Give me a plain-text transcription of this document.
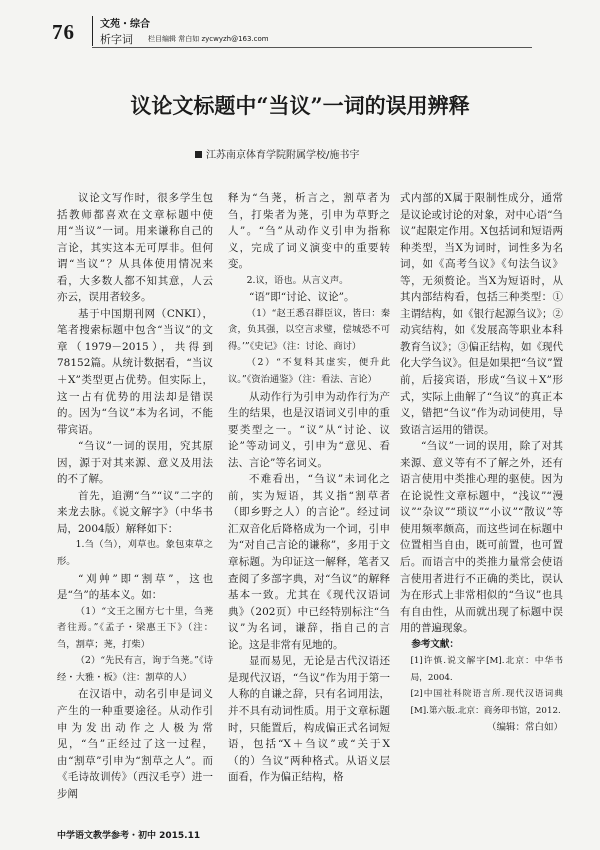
76	文苑・综合
析字词 栏目编辑 常白如 zycwyzh@163.com
议论文标题中“当议”一词的误用辨释
江苏南京体育学院附属学校/施书宇

议论文写作时，很多学生包括教师都喜欢在文章标题中使用“当议”一词。用来谦称自己的言论，其实这本无可厚非。但何谓“当议”？从具体使用情况来看，大多数人都不知其意，人云亦云，误用者较多。

基于中国期刊网（CNKI），笔者搜索标题中包含“当议”的文章（1979－2015），共得到78152篇。从统计数据看，“当议＋X”类型更占优势。但实际上，这一占有优势的用法却是错误的。因为“刍议”本为名词，不能带宾语。

“刍议”一词的误用，究其原因，源于对其来源、意义及用法的不了解。

首先，追溯“刍”“议”二字的来龙去脉。《说文解字》（中华书局，2004版）解释如下：

1.刍（刍），刈草也。象包束草之形。

“刈艸”即“割草”，这也是“刍”的基本义。如：

（1）“文王之囿方七十里，刍荛者往焉。”《孟子・梁惠王下》（注：刍，割草；荛，打柴）

（2）“先民有言，询于刍荛。”《诗经・大雅・板》（注：割草的人）

在汉语中，动名引申是词义产生的一种重要途径。从动作引申为发出动作之人极为常见，“刍”正经过了这一过程，由“割草”引申为“割草之人”。而《毛诗故训传》（西汉毛亨）进一步阐

释为“刍荛，析言之，割草者为刍，打柴者为荛，引申为草野之人”。“刍”从动作义引申为指称义，完成了词义演变中的重要转变。

2.议，语也。从言义声。

“语”即“讨论、议论”。

（1）“赵王悉召群臣议，皆曰：秦贪，负其强，以空言求璧，偿城恐不可得。’”《史记》（注：讨论、商讨）

（2）“不复料其虚实，便升此议。”《资治通鉴》（注：看法、言论）

从动作行为引申为动作行为产生的结果，也是汉语词义引申的重要类型之一。“议”从“讨论、议论”等动词义，引申为“意见、看法、言论”等名词义。

不难看出，“刍议”未词化之前，实为短语，其义指“割草者（即乡野之人）的言论”。经过词汇双音化后降格成为一个词，引申为“对自己言论的谦称”，多用于文章标题。为印证这一解释，笔者又查阅了多部字典，对“刍议”的解释基本一致。尤其在《现代汉语词典》（202页）中已经特别标注“刍议”为名词，谦辞，指自己的言论。这是非常有见地的。

显而易见，无论是古代汉语还是现代汉语，“刍议”作为用于第一人称的自谦之辞，只有名词用法，并不具有动词性质。用于文章标题时，只能置后，构成偏正式名词短语，包括“X＋刍议”或“关于X（的）刍议”两种格式。从语义层面看，作为偏正结构，格

式内部的X属于限制性成分，通常是议论或讨论的对象，对中心语“刍议”起限定作用。X包括词和短语两种类型，当X为词时，词性多为名词，如《高考刍议》《句法刍议》等，无须赘论。当X为短语时，从其内部结构看，包括三种类型：①主谓结构，如《银行起源刍议》；②动宾结构，如《发展高等职业本科教育刍议》；③偏正结构，如《现代化大学刍议》。但是如果把“刍议”置前，后接宾语，形成“刍议＋X”形式，实际上曲解了“刍议”的真正本义，错把“刍议”作为动词使用，导致语言运用的错误。

“刍议”一词的误用，除了对其来源、意义等有不了解之外，还有语言使用中类推心理的驱使。因为在论说性文章标题中，“浅议”“漫议”“杂议”“琐议”“小议”“散议”等使用频率颇高，而这些词在标题中位置相当自由，既可前置，也可置后。而语言中的类推力量常会使语言使用者进行不正确的类比，误认为在形式上非常相似的“刍议”也具有自由性，从而就出现了标题中误用的普遍现象。

参考文献：

[1]许慎.说文解字[M].北京：中华书局，2004.

[2]中国社科院语言所.现代汉语词典[M].第六版.北京：商务印书馆，2012.

（编辑：常白如）

中学语文教学参考・初中 2015.11
